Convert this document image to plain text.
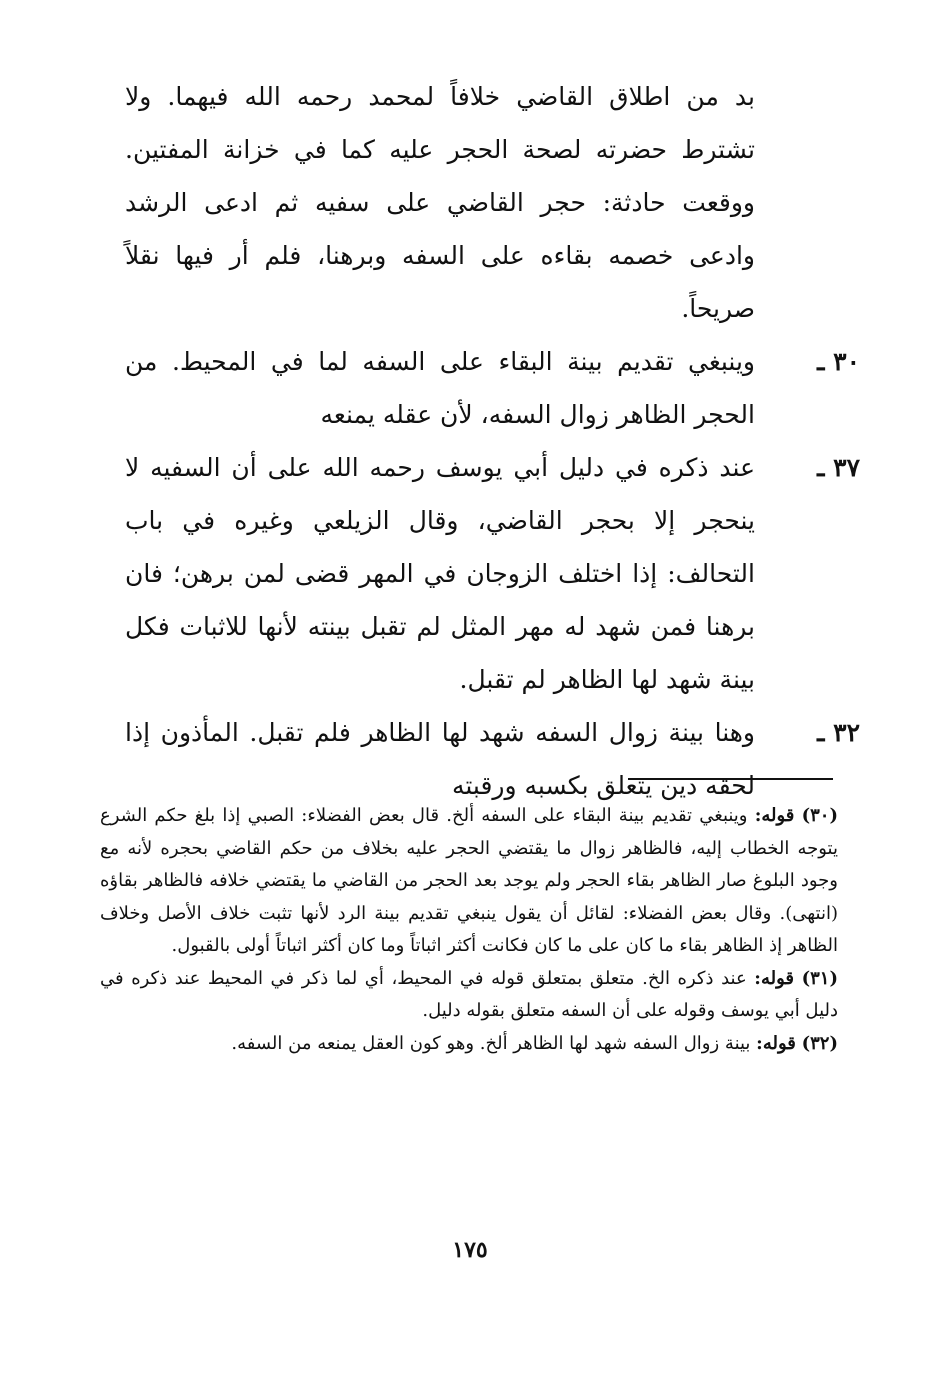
بد من اطلاق القاضي خلافاً لمحمد رحمه الله فيهما. ولا تشترط حضرته لصحة الحجر عليه كما في خزانة المفتين. ووقعت حادثة: حجر القاضي على سفيه ثم ادعى الرشد وادعى خصمه بقاءه على السفه وبرهنا، فلم أر فيها نقلاً صريحاً.

٣٠ ـ
وينبغي تقديم بينة البقاء على السفه لما في المحيط. من الحجر الظاهر زوال السفه، لأن عقله يمنعه

٣٧ ـ
عند ذكره في دليل أبي يوسف رحمه الله على أن السفيه لا ينحجر إلا بحجر القاضي، وقال الزيلعي وغيره في باب التحالف: إذا اختلف الزوجان في المهر قضى لمن برهن؛ فان برهنا فمن شهد له مهر المثل لم تقبل بينته لأنها للاثبات فكل بينة شهد لها الظاهر لم تقبل.

٣٢ ـ
وهنا بينة زوال السفه شهد لها الظاهر فلم تقبل. المأذون إذا لحقه دين يتعلق بكسبه ورقبته

(٣٠) قوله: وينبغي تقديم بينة البقاء على السفه ألخ. قال بعض الفضلاء: الصبي إذا بلغ حكم الشرع يتوجه الخطاب إليه، فالظاهر زوال ما يقتضي الحجر عليه بخلاف من حكم القاضي بحجره لأنه مع وجود البلوغ صار الظاهر بقاء الحجر ولم يوجد بعد الحجر من القاضي ما يقتضي خلافه فالظاهر بقاؤه (انتهى). وقال بعض الفضلاء: لقائل أن يقول ينبغي تقديم بينة الرد لأنها تثبت خلاف الأصل وخلاف الظاهر إذ الظاهر بقاء ما كان على ما كان فكانت أكثر اثباتاً وما كان أكثر اثباتاً أولى بالقبول.

(٣١) قوله: عند ذكره الخ. متعلق بمتعلق قوله في المحيط، أي لما ذكر في المحيط عند ذكره في دليل أبي يوسف وقوله على أن السفه متعلق بقوله دليل.

(٣٢) قوله: بينة زوال السفه شهد لها الظاهر ألخ. وهو كون العقل يمنعه من السفه.

١٧٥
